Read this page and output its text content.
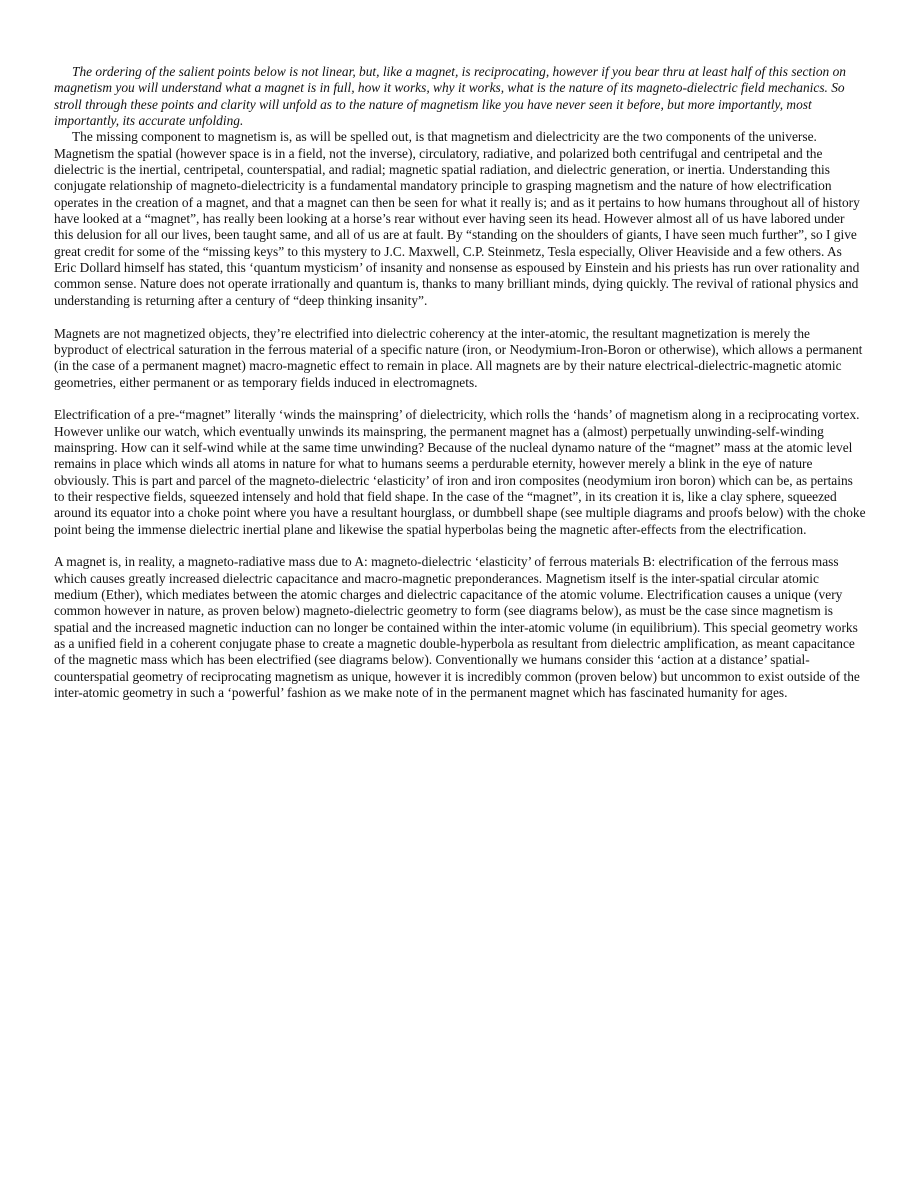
The ordering of the salient points below is not linear, but, like a magnet, is reciprocating, however if you bear thru at least half of this section on magnetism you will understand what a magnet is in full, how it works, why it works, what is the nature of its magneto-dielectric field mechanics. So stroll through these points and clarity will unfold as to the nature of magnetism like you have never seen it before, but more importantly, most importantly, its accurate unfolding.

The missing component to magnetism is, as will be spelled out, is that magnetism and dielectricity are the two components of the universe. Magnetism the spatial (however space is in a field, not the inverse), circulatory, radiative, and polarized both centrifugal and centripetal and the dielectric is the inertial, centripetal, counterspatial, and radial; magnetic spatial radiation, and dielectric generation, or inertia. Understanding this conjugate relationship of magneto-dielectricity is a fundamental mandatory principle to grasping magnetism and the nature of how electrification operates in the creation of a magnet, and that a magnet can then be seen for what it really is; and as it pertains to how humans throughout all of history have looked at a “magnet”, has really been looking at a horse’s rear without ever having seen its head. However almost all of us have labored under this delusion for all our lives, been taught same, and all of us are at fault. By “standing on the shoulders of giants, I have seen much further”, so I give great credit for some of the “missing keys” to this mystery to J.C. Maxwell, C.P. Steinmetz, Tesla especially, Oliver Heaviside and a few others. As Eric Dollard himself has stated, this ‘quantum mysticism’ of insanity and nonsense as espoused by Einstein and his priests has run over rationality and common sense. Nature does not operate irrationally and quantum is, thanks to many brilliant minds, dying quickly. The revival of rational physics and understanding is returning after a century of “deep thinking insanity”.

Magnets are not magnetized objects, they’re electrified into dielectric coherency at the inter-atomic, the resultant magnetization is merely the byproduct of electrical saturation in the ferrous material of a specific nature (iron, or Neodymium-Iron-Boron or otherwise), which allows a permanent (in the case of a permanent magnet) macro-magnetic effect to remain in place. All magnets are by their nature electrical-dielectric-magnetic atomic geometries, either permanent or as temporary fields induced in electromagnets.

Electrification of a pre-“magnet” literally ‘winds the mainspring’ of dielectricity, which rolls the ‘hands’ of magnetism along in a reciprocating vortex. However unlike our watch, which eventually unwinds its mainspring, the permanent magnet has a (almost) perpetually unwinding-self-winding mainspring. How can it self-wind while at the same time unwinding? Because of the nucleal dynamo nature of the “magnet” mass at the atomic level remains in place which winds all atoms in nature for what to humans seems a perdurable eternity, however merely a blink in the eye of nature obviously. This is part and parcel of the magneto-dielectric ‘elasticity’ of iron and iron composites (neodymium iron boron) which can be, as pertains to their respective fields, squeezed intensely and hold that field shape. In the case of the “magnet”, in its creation it is, like a clay sphere, squeezed around its equator into a choke point where you have a resultant hourglass, or dumbbell shape (see multiple diagrams and proofs below) with the choke point being the immense dielectric inertial plane and likewise the spatial hyperbolas being the magnetic after-effects from the electrification.

A magnet is, in reality, a magneto-radiative mass due to A: magneto-dielectric ‘elasticity’ of ferrous materials B: electrification of the ferrous mass which causes greatly increased dielectric capacitance and macro-magnetic preponderances. Magnetism itself is the inter-spatial circular atomic medium (Ether), which mediates between the atomic charges and dielectric capacitance of the atomic volume. Electrification causes a unique (very common however in nature, as proven below) magneto-dielectric geometry to form (see diagrams below), as must be the case since magnetism is spatial and the increased magnetic induction can no longer be contained within the inter-atomic volume (in equilibrium). This special geometry works as a unified field in a coherent conjugate phase to create a magnetic double-hyperbola as resultant from dielectric amplification, as meant capacitance of the magnetic mass which has been electrified (see diagrams below). Conventionally we humans consider this ‘action at a distance’ spatial-counterspatial geometry of reciprocating magnetism as unique, however it is incredibly common (proven below) but uncommon to exist outside of the inter-atomic geometry in such a ‘powerful’ fashion as we make note of in the permanent magnet which has fascinated humanity for ages.
